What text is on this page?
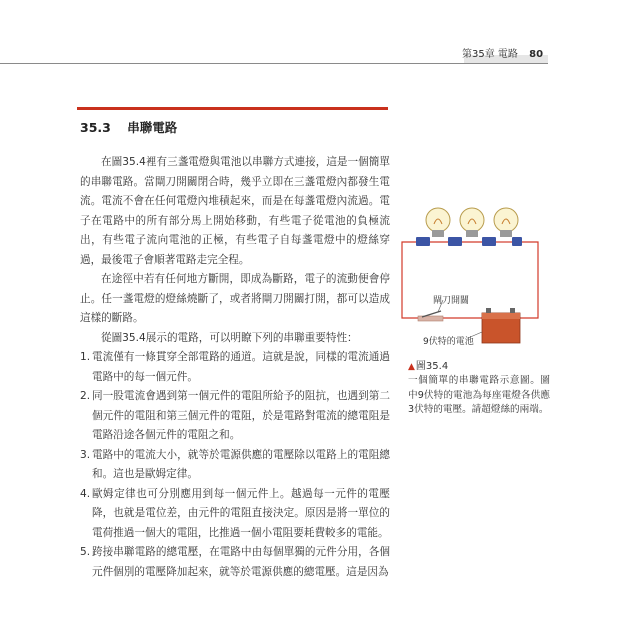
第35章 電路 80
35.3 串聯電路

在圖35.4裡有三盞電燈與電池以串聯方式連接，這是一個簡單的串聯電路。當閘刀開關閉合時，幾乎立即在三盞電燈內都發生電流。電流不會在任何電燈內堆積起來，而是在每盞電燈內流過。電子在電路中的所有部分馬上開始移動，有些電子從電池的負極流出，有些電子流向電池的正極，有些電子自每盞電燈中的燈絲穿過，最後電子會順著電路走完全程。

在途徑中若有任何地方斷開，即成為斷路，電子的流動便會停止。任一盞電燈的燈絲燒斷了，或者將閘刀開關打開，都可以造成這樣的斷路。

從圖35.4展示的電路，可以明瞭下列的串聯重要特性：

1. 電流僅有一條貫穿全部電路的通道。這就是說，同樣的電流通過電路中的每一個元件。
2. 同一股電流會遇到第一個元件的電阻所給予的阻抗，也遇到第二個元件的電阻和第三個元件的電阻，於是電路對電流的總電阻是電路沿途各個元件的電阻之和。
3. 電路中的電流大小，就等於電源供應的電壓除以電路上的電阻總和。這也是歐姆定律。
4. 歐姆定律也可分別應用到每一個元件上。越過每一元件的電壓降，也就是電位差，由元件的電阻直接決定。原因是將一單位的電荷推過一個大的電阻，比推過一個小電阻要耗費較多的電能。
5. 跨接串聯電路的總電壓，在電路中由每個單獨的元件分用，各個元件個別的電壓降加起來，就等於電源供應的總電壓。這是因為
閘刀開關
9伏特的電池
▲圖35.4
一個簡單的串聯電路示意圖。圖中9伏特的電池為每座電燈各供應3伏特的電壓。請超燈絲的兩端。
